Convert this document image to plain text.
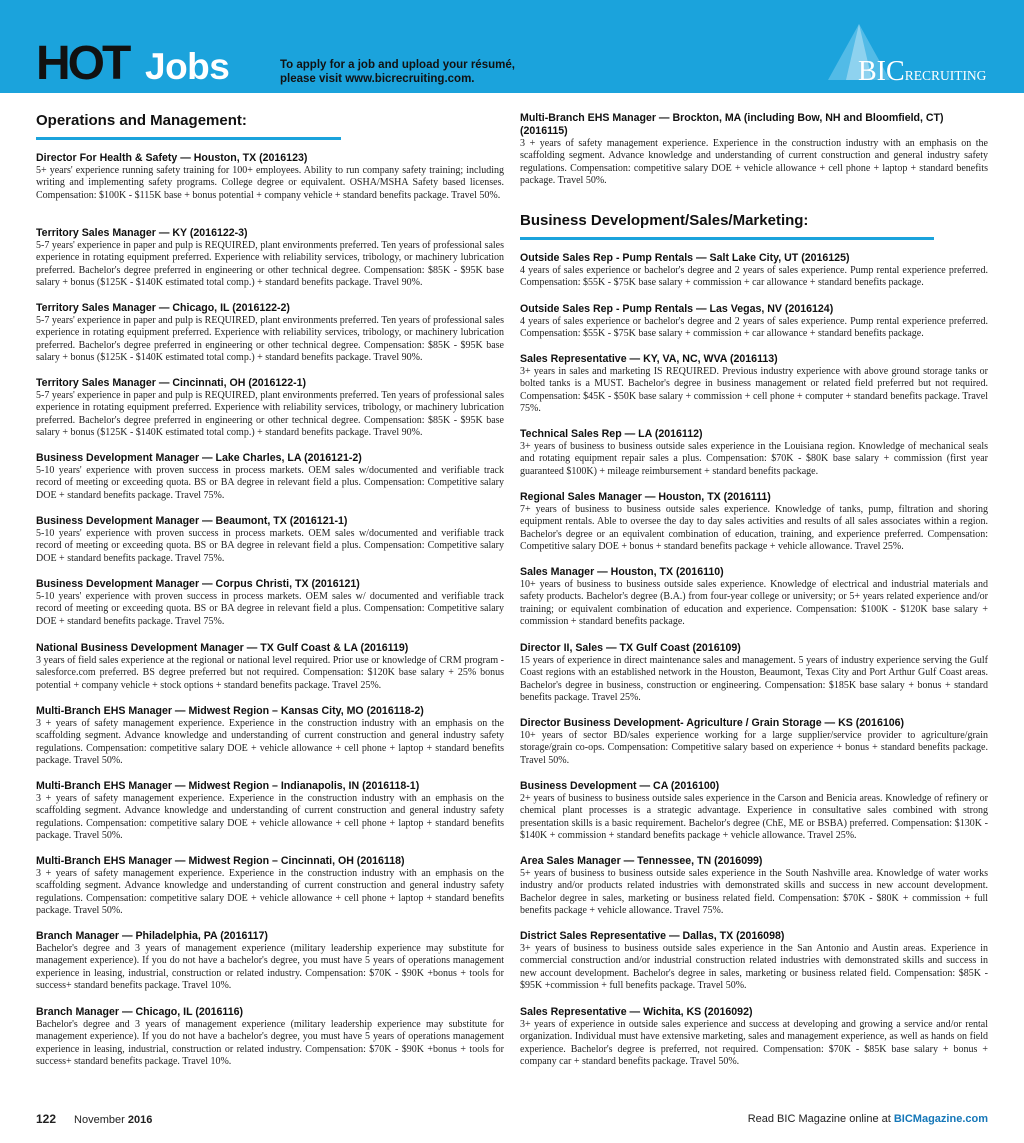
HOT Jobs	To apply for a job and upload your résumé,
please visit www.bicrecruiting.com.	BICRECRUITING
Operations and Management:
Director For Health & Safety — Houston, TX (2016123)
5+ years' experience running safety training for 100+ employees. Ability to run company safety training; including writing and implementing safety programs. College degree or equivalent. OSHA/MSHA Safety based licenses. Compensation: $100K - $115K base + bonus potential + company vehicle + standard benefits package. Travel 50%.
Territory Sales Manager — KY (2016122-3)
5-7 years' experience in paper and pulp is REQUIRED, plant environments preferred. Ten years of professional sales experience in rotating equipment preferred. Experience with reliability services, tribology, or machinery lubrication preferred. Bachelor's degree preferred in engineering or other technical degree. Compensation: $85K - $95K base salary + bonus ($125K - $140K estimated total comp.) + standard benefits package. Travel 90%.
Territory Sales Manager — Chicago, IL (2016122-2)
5-7 years' experience in paper and pulp is REQUIRED, plant environments preferred. Ten years of professional sales experience in rotating equipment preferred. Experience with reliability services, tribology, or machinery lubrication preferred. Bachelor's degree preferred in engineering or other technical degree. Compensation: $85K - $95K base salary + bonus ($125K - $140K estimated total comp.) + standard benefits package. Travel 90%.
Territory Sales Manager — Cincinnati, OH (2016122-1)
5-7 years' experience in paper and pulp is REQUIRED, plant environments preferred. Ten years of professional sales experience in rotating equipment preferred. Experience with reliability services, tribology, or machinery lubrication preferred. Bachelor's degree preferred in engineering or other technical degree. Compensation: $85K - $95K base salary + bonus ($125K - $140K estimated total comp.) + standard benefits package. Travel 90%.
Business Development Manager — Lake Charles, LA (2016121-2)
5-10 years' experience with proven success in process markets. OEM sales w/documented and verifiable track record of meeting or exceeding quota. BS or BA degree in relevant field a plus. Compensation: Competitive salary DOE + standard benefits package. Travel 75%.
Business Development Manager — Beaumont, TX (2016121-1)
5-10 years' experience with proven success in process markets. OEM sales w/documented and verifiable track record of meeting or exceeding quota. BS or BA degree in relevant field a plus. Compensation: Competitive salary DOE + standard benefits package. Travel 75%.
Business Development Manager — Corpus Christi, TX (2016121)
5-10 years' experience with proven success in process markets. OEM sales w/ documented and verifiable track record of meeting or exceeding quota. BS or BA degree in relevant field a plus. Compensation: Competitive salary DOE + standard benefits package. Travel 75%.
National Business Development Manager — TX Gulf Coast & LA (2016119)
3 years of field sales experience at the regional or national level required. Prior use or knowledge of CRM program - salesforce.com preferred. BS degree preferred but not required. Compensation: $120K base salary + 25% bonus potential + company vehicle + stock options + standard benefits package. Travel 25%.
Multi-Branch EHS Manager — Midwest Region – Kansas City, MO (2016118-2)
3 + years of safety management experience. Experience in the construction industry with an emphasis on the scaffolding segment. Advance knowledge and understanding of current construction and general industry safety regulations. Compensation: competitive salary DOE + vehicle allowance + cell phone + laptop + standard benefits package. Travel 50%.
Multi-Branch EHS Manager — Midwest Region – Indianapolis, IN (2016118-1)
3 + years of safety management experience. Experience in the construction industry with an emphasis on the scaffolding segment. Advance knowledge and understanding of current construction and general industry safety regulations. Compensation: competitive salary DOE + vehicle allowance + cell phone + laptop + standard benefits package. Travel 50%.
Multi-Branch EHS Manager — Midwest Region – Cincinnati, OH (2016118)
3 + years of safety management experience. Experience in the construction industry with an emphasis on the scaffolding segment. Advance knowledge and understanding of current construction and general industry safety regulations. Compensation: competitive salary DOE + vehicle allowance + cell phone + laptop + standard benefits package. Travel 50%.
Branch Manager — Philadelphia, PA (2016117)
Bachelor's degree and 3 years of management experience (military leadership experience may substitute for management experience). If you do not have a bachelor's degree, you must have 5 years of operations management experience in leasing, industrial, construction or related industry. Compensation: $70K - $90K +bonus + tools for success+ standard benefits package. Travel 10%.
Branch Manager — Chicago, IL (2016116)
Bachelor's degree and 3 years of management experience (military leadership experience may substitute for management experience). If you do not have a bachelor's degree, you must have 5 years of operations management experience in leasing, industrial, construction or related industry. Compensation: $70K - $90K +bonus + tools for success+ standard benefits package. Travel 10%.
Multi-Branch EHS Manager — Brockton, MA (including Bow, NH and Bloomfield, CT) (2016115)
3 + years of safety management experience. Experience in the construction industry with an emphasis on the scaffolding segment. Advance knowledge and understanding of current construction and general industry safety regulations. Compensation: competitive salary DOE + vehicle allowance + cell phone + laptop + standard benefits package. Travel 50%.
Business Development/Sales/Marketing:
Outside Sales Rep - Pump Rentals — Salt Lake City, UT (2016125)
4 years of sales experience or bachelor's degree and 2 years of sales experience. Pump rental experience preferred. Compensation: $55K - $75K base salary + commission + car allowance + standard benefits package.
Outside Sales Rep - Pump Rentals — Las Vegas, NV (2016124)
4 years of sales experience or bachelor's degree and 2 years of sales experience. Pump rental experience preferred. Compensation: $55K - $75K base salary + commission + car allowance + standard benefits package.
Sales Representative — KY, VA, NC, WVA (2016113)
3+ years in sales and marketing IS REQUIRED. Previous industry experience with above ground storage tanks or bolted tanks is a MUST. Bachelor's degree in business management or related field preferred but not required. Compensation: $45K - $50K base salary + commission + cell phone + computer + standard benefits package. Travel 75%.
Technical Sales Rep — LA (2016112)
3+ years of business to business outside sales experience in the Louisiana region. Knowledge of mechanical seals and rotating equipment repair sales a plus. Compensation: $70K - $80K base salary + commission (first year guaranteed $100K) + mileage reimbursement + standard benefits package.
Regional Sales Manager — Houston, TX (2016111)
7+ years of business to business outside sales experience. Knowledge of tanks, pump, filtration and shoring equipment rentals. Able to oversee the day to day sales activities and results of all sales associates within a region. Bachelor's degree or an equivalent combination of education, training, and experience preferred. Compensation: Competitive salary DOE + bonus + standard benefits package + vehicle allowance. Travel 25%.
Sales Manager — Houston, TX (2016110)
10+ years of business to business outside sales experience. Knowledge of electrical and industrial materials and safety products. Bachelor's degree (B.A.) from four-year college or university; or 5+ years related experience and/or training; or equivalent combination of education and experience. Compensation: $100K - $120K base salary + commission + standard benefits package.
Director II, Sales — TX Gulf Coast (2016109)
15 years of experience in direct maintenance sales and management. 5 years of industry experience serving the Gulf Coast regions with an established network in the Houston, Beaumont, Texas City and Port Arthur Gulf Coast areas. Bachelor's degree in business, construction or engineering. Compensation: $185K base salary + bonus + standard benefits package. Travel 25%.
Director Business Development- Agriculture / Grain Storage — KS (2016106)
10+ years of sector BD/sales experience working for a large supplier/service provider to agriculture/grain storage/grain co-ops. Compensation: Competitive salary based on experience + bonus + standard benefits package. Travel 50%.
Business Development — CA (2016100)
2+ years of business to business outside sales experience in the Carson and Benicia areas. Knowledge of refinery or chemical plant processes is a strategic advantage. Experience in consultative sales combined with strong presentation skills is a basic requirement. Bachelor's degree (ChE, ME or BSBA) preferred. Compensation: $130K - $140K + commission + standard benefits package + vehicle allowance. Travel 25%.
Area Sales Manager — Tennessee, TN (2016099)
5+ years of business to business outside sales experience in the South Nashville area. Knowledge of water works industry and/or products related industries with demonstrated skills and success in new account development. Bachelor degree in sales, marketing or business related field. Compensation: $70K - $80K + commission + full benefits package + vehicle allowance. Travel 75%.
District Sales Representative — Dallas, TX (2016098)
3+ years of business to business outside sales experience in the San Antonio and Austin areas. Experience in commercial construction and/or industrial construction related industries with demonstrated skills and success in new account development. Bachelor's degree in sales, marketing or business related field. Compensation: $85K - $95K +commission + full benefits package. Travel 50%.
Sales Representative — Wichita, KS (2016092)
3+ years of experience in outside sales experience and success at developing and growing a service and/or rental organization. Individual must have extensive marketing, sales and management experience, as well as hands on field experience. Bachelor's degree is preferred, not required. Compensation: $70K - $85K base salary + bonus + company car + standard benefits package. Travel 50%.
122 November 2016	Read BIC Magazine online at BICMagazine.com
